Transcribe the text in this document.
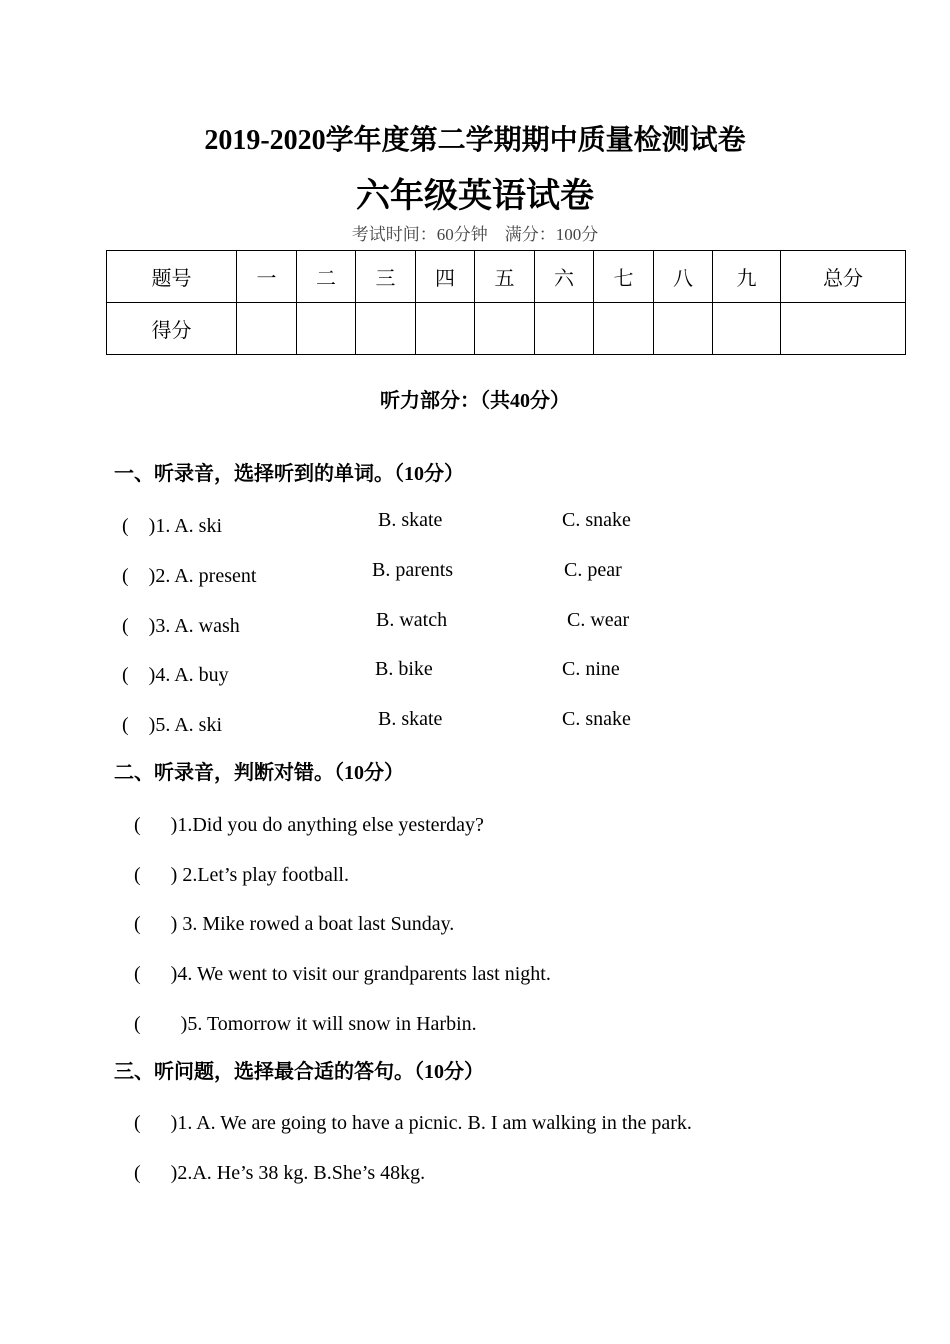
2019-2020学年度第二学期期中质量检测试卷
六年级英语试卷
考试时间：60分钟　满分：100分
题号	一	二	三	四	五	六	七	八	九	总分
得分										
听力部分：（共40分）
一、听录音，选择听到的单词。（10分）
(　)1. A. ski	B. skate	C. snake
(　)2. A. present	B. parents	C. pear
(　)3. A. wash	B. watch	C. wear
(　)4. A. buy	B. bike	C. nine
(　)5. A. ski	B. skate	C. snake
二、听录音，判断对错。（10分）
(　  )1.Did you do anything else yesterday?
(　  ) 2.Let’s play football.
(　  ) 3. Mike rowed a boat last Sunday.
(　  )4. We went to visit our grandparents last night.
(　　)5. Tomorrow it will snow in Harbin.
三、听问题，选择最合适的答句。（10分）
(　  )1. A. We are going to have a picnic. B. I am walking in the park.
(　  )2.A. He’s 38 kg. B.She’s 48kg.
